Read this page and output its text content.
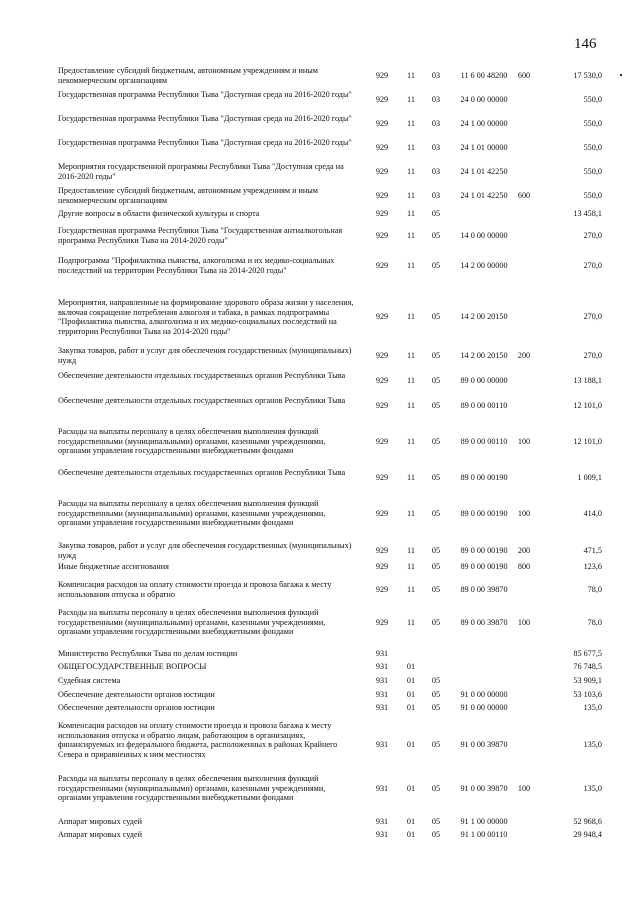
146
Предоставление субсидий бюджетным, автономным учреждениям и иным некоммерческим организациям
929	11	03	11 6 00 48200	600	17 530,0
Государственная программа Республики Тыва "Доступная среда на 2016-2020 годы"
929	11	03	24 0 00 00000	550,0
Государственная программа Республики Тыва "Доступная среда на 2016-2020 годы"
929	11	03	24 1 00 00000	550,0
Государственная программа Республики Тыва "Доступная среда на 2016-2020 годы"
929	11	03	24 1 01 00000	550,0
Мероприятия государственной программы Республики Тыва "Доступная среда на 2016-2020 годы"
929	11	03	24 1 01 42250	550,0
Предоставление субсидий бюджетным, автономным учреждениям и иным некоммерческим организациям
929	11	03	24 1 01 42250	600	550,0
Другие вопросы в области физической культуры и спорта	929	11	05	13 458,1
Государственная программа Республики Тыва "Государственная антиалкогольная программа Республики Тыва на 2014-2020 годы"
929	11	05	14 0 00 00000	270,0
Подпрограмма "Профилактика пьянства, алкоголизма и их медико-социальных последствий на территории Республики Тыва на 2014-2020 годы"
929	11	05	14 2 00 00000	270,0
Мероприятия, направленные на формирование здорового образа жизни у населения, включая сокращение потребления алкоголя и табака, в рамках подпрограммы "Профилактика пьянства, алкоголизма и их медико-социальных последствий на территории Республики Тыва на 2014-2020 годы"
929	11	05	14 2 00 20150	270,0
Закупка товаров, работ и услуг для обеспечения государственных (муниципальных) нужд
929	11	05	14 2 00 20150	200	270,0
Обеспечение деятельности отдельных государственных органов Республики Тыва
929	11	05	89 0 00 00000	13 188,1
Обеспечение деятельности отдельных государственных органов Республики Тыва
929	11	05	89 0 00 00110	12 101,0
Расходы на выплаты персоналу в целях обеспечения выполнения функций государственными (муниципальными) органами, казенными учреждениями, органами управления государственными внебюджетными фондами
929	11	05	89 0 00 00110	100	12 101,0
Обеспечение деятельности отдельных государственных органов Республики Тыва
929	11	05	89 0 00 00190	1 009,1
Расходы на выплаты персоналу в целях обеспечения выполнения функций государственными (муниципальными) органами, казенными учреждениями, органами управления государственными внебюджетными фондами
929	11	05	89 0 00 00190	100	414,0
Закупка товаров, работ и услуг для обеспечения государственных (муниципальных) нужд
929	11	05	89 0 00 00190	200	471,5
Иные бюджетные ассигнования	929	11	05	89 0 00 00190	800	123,6
Компенсация расходов на оплату стоимости проезда и провоза багажа к месту использования отпуска и обратно
929	11	05	89 0 00 39870	78,0
Расходы на выплаты персоналу в целях обеспечения выполнения функций государственными (муниципальными) органами, казенными учреждениями, органами управления государственными внебюджетными фондами
929	11	05	89 0 00 39870	100	78,0
Министерство Республики Тыва по делам юстиции	931	85 677,5
ОБЩЕГОСУДАРСТВЕННЫЕ ВОПРОСЫ	931	01	76 748,5
Судебная система	931	01	05	53 909,1
Обеспечение деятельности органов юстиции	931	01	05	91 0 00 00000	53 103,6
Обеспечение деятельности органов юстиции	931	01	05	91 0 00 00000	135,0
Компенсация расходов на оплату стоимости проезда и провоза багажа к месту использования отпуска и обратно лицам, работающим в организациях, финансируемых из федерального бюджета, расположенных в районах Крайнего Севера и приравненных к ним местностях
931	01	05	91 0 00 39870	135,0
Расходы на выплаты персоналу в целях обеспечения выполнения функций государственными (муниципальными) органами, казенными учреждениями, органами управления государственными внебюджетными фондами
931	01	05	91 0 00 39870	100	135,0
Аппарат мировых судей	931	01	05	91 1 00 00000	52 968,6
Аппарат мировых судей	931	01	05	91 1 00 00110	29 948,4
